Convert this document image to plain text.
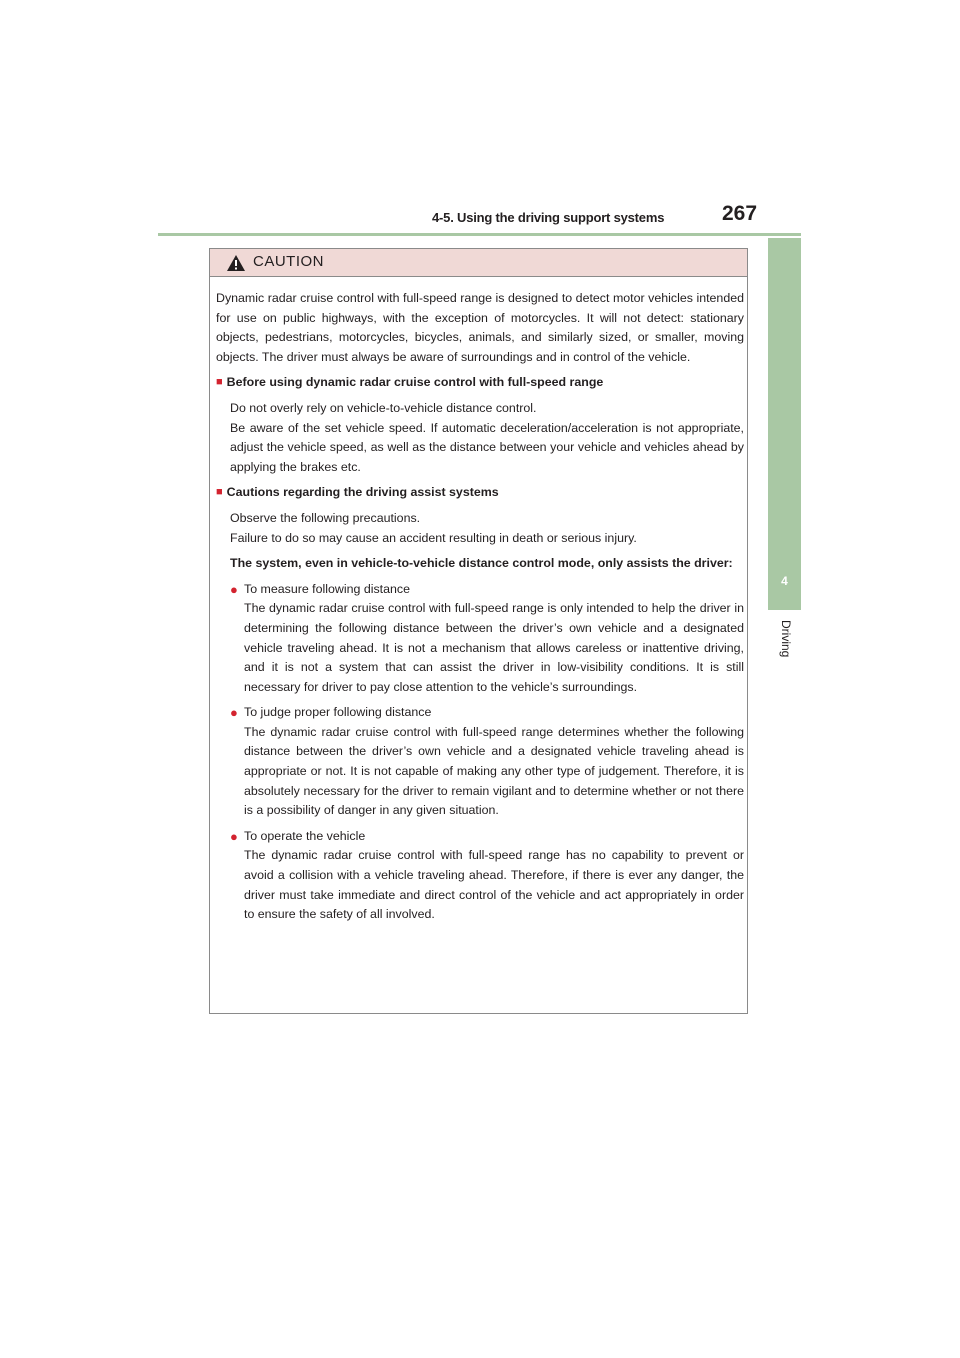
4-5. Using the driving support systems	267
4
Driving
CAUTION

Dynamic radar cruise control with full-speed range is designed to detect motor vehicles intended for use on public highways, with the exception of motorcycles. It will not detect: stationary objects, pedestrians, motorcycles, bicycles, animals, and similarly sized, or smaller, moving objects. The driver must always be aware of surroundings and in control of the vehicle.

■ Before using dynamic radar cruise control with full-speed range

Do not overly rely on vehicle-to-vehicle distance control.

Be aware of the set vehicle speed. If automatic deceleration/acceleration is not appropriate, adjust the vehicle speed, as well as the distance between your vehicle and vehicles ahead by applying the brakes etc.

■ Cautions regarding the driving assist systems

Observe the following precautions.

Failure to do so may cause an accident resulting in death or serious injury.

The system, even in vehicle-to-vehicle distance control mode, only assists the driver:

● To measure following distance

The dynamic radar cruise control with full-speed range is only intended to help the driver in determining the following distance between the driver’s own vehicle and a designated vehicle traveling ahead. It is not a mechanism that allows careless or inattentive driving, and it is not a system that can assist the driver in low-visibility conditions. It is still necessary for driver to pay close attention to the vehicle’s surroundings.

● To judge proper following distance

The dynamic radar cruise control with full-speed range determines whether the following distance between the driver’s own vehicle and a designated vehicle traveling ahead is appropriate or not. It is not capable of making any other type of judgement. Therefore, it is absolutely necessary for the driver to remain vigilant and to determine whether or not there is a possibility of danger in any given situation.

● To operate the vehicle

The dynamic radar cruise control with full-speed range has no capability to prevent or avoid a collision with a vehicle traveling ahead. Therefore, if there is ever any danger, the driver must take immediate and direct control of the vehicle and act appropriately in order to ensure the safety of all involved.
